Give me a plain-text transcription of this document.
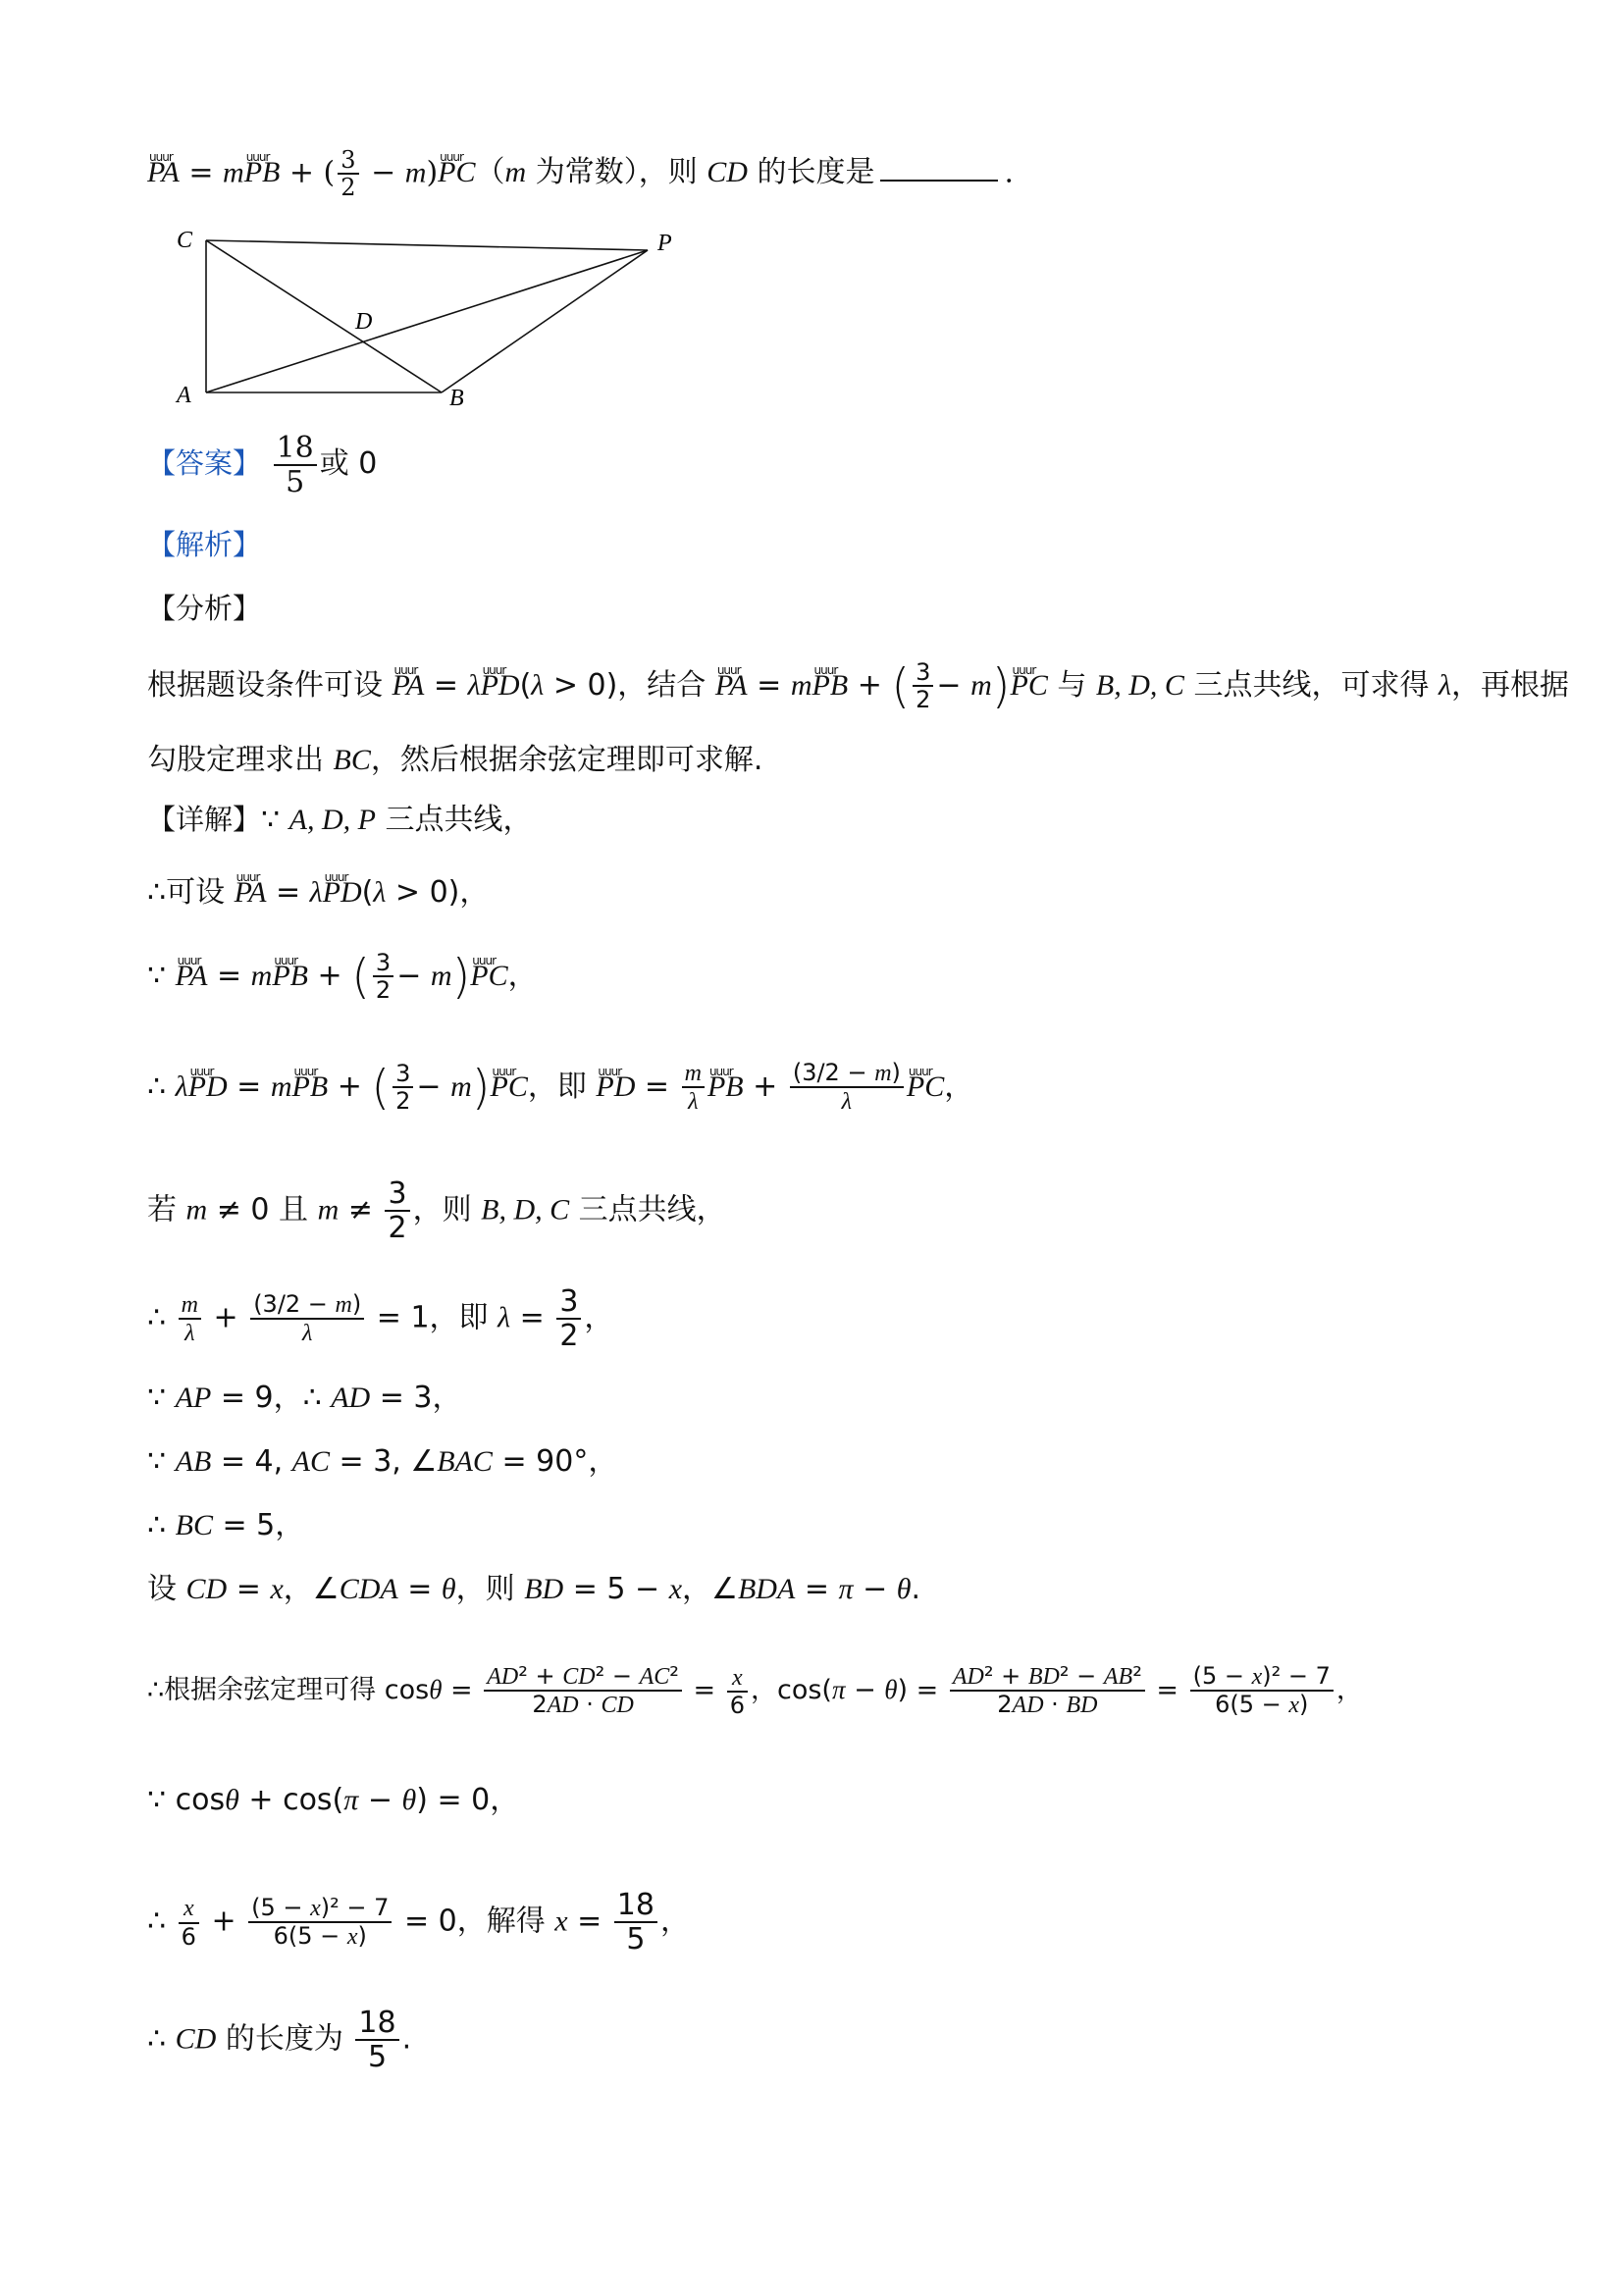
uuur PA = muuur PB + ( $\frac{3}{2}$ − m)uuur PC（m 为常数），则 CD 的长度是	.
C	P
D
A	B
【答案】 $\frac{18}{5}$ 或 0
【解析】
【分析】
根据题设条件可设 uuur PA = λuuur PD(λ > 0)，结合 uuur PA = muuur PB + ( $\frac{3}{2}$ − m)uuur PC 与 B, D, C 三点共线，可求得 λ，再根据
勾股定理求出 BC，然后根据余弦定理即可求解.
【详解】∵ A, D, P 三点共线，
∴可设 uuur PA = λuuur PD(λ > 0)，
∵ uuur PA = muuur PB + ( $\frac{3}{2}$ − m)uuur PC，
∴ λuuur PD = muuur PB + ( $\frac{3}{2}$ − m)uuur PC，即 uuur PD = $\frac{m}{\lambda}$ uuur PB + $\frac{(3/2 - m)}{\lambda}$ uuur PC，
若 m ≠ 0 且 $m \ne \frac{3}{2}$ ，则 B, D, C 三点共线，
∴ $\frac{m}{\lambda} + \frac{(3/2 - m)}{\lambda} = 1$，即 $\lambda = \frac{3}{2}$ ，
∵ AP = 9，∴ AD = 3，
∵ AB = 4, AC = 3, ∠BAC = 90°，
∴ BC = 5，
设 CD = x，∠CDA = θ，则 BD = 5 − x，∠BDA = π − θ.
∴根据余弦定理可得 $\cos\theta = \frac{\text{AD² + CD² − AC²}}{2AD \cdot CD} = \frac{x}{6}$ ，$\cos(\pi - \theta) = \frac{\text{AD² + BD² − AB²}}{2AD \cdot BD} = \frac{\text{(5 − x)² − 7}}{6(5 - x)}$ ，
∵ cosθ + cos(π − θ) = 0，
∴ $\frac{x}{6} + \frac{\text{(5 − x)² − 7}}{6(5 - x)} = 0$，解得 $x = \frac{18}{5}$ ，
∴ CD 的长度为 $\frac{18}{5}$ .
